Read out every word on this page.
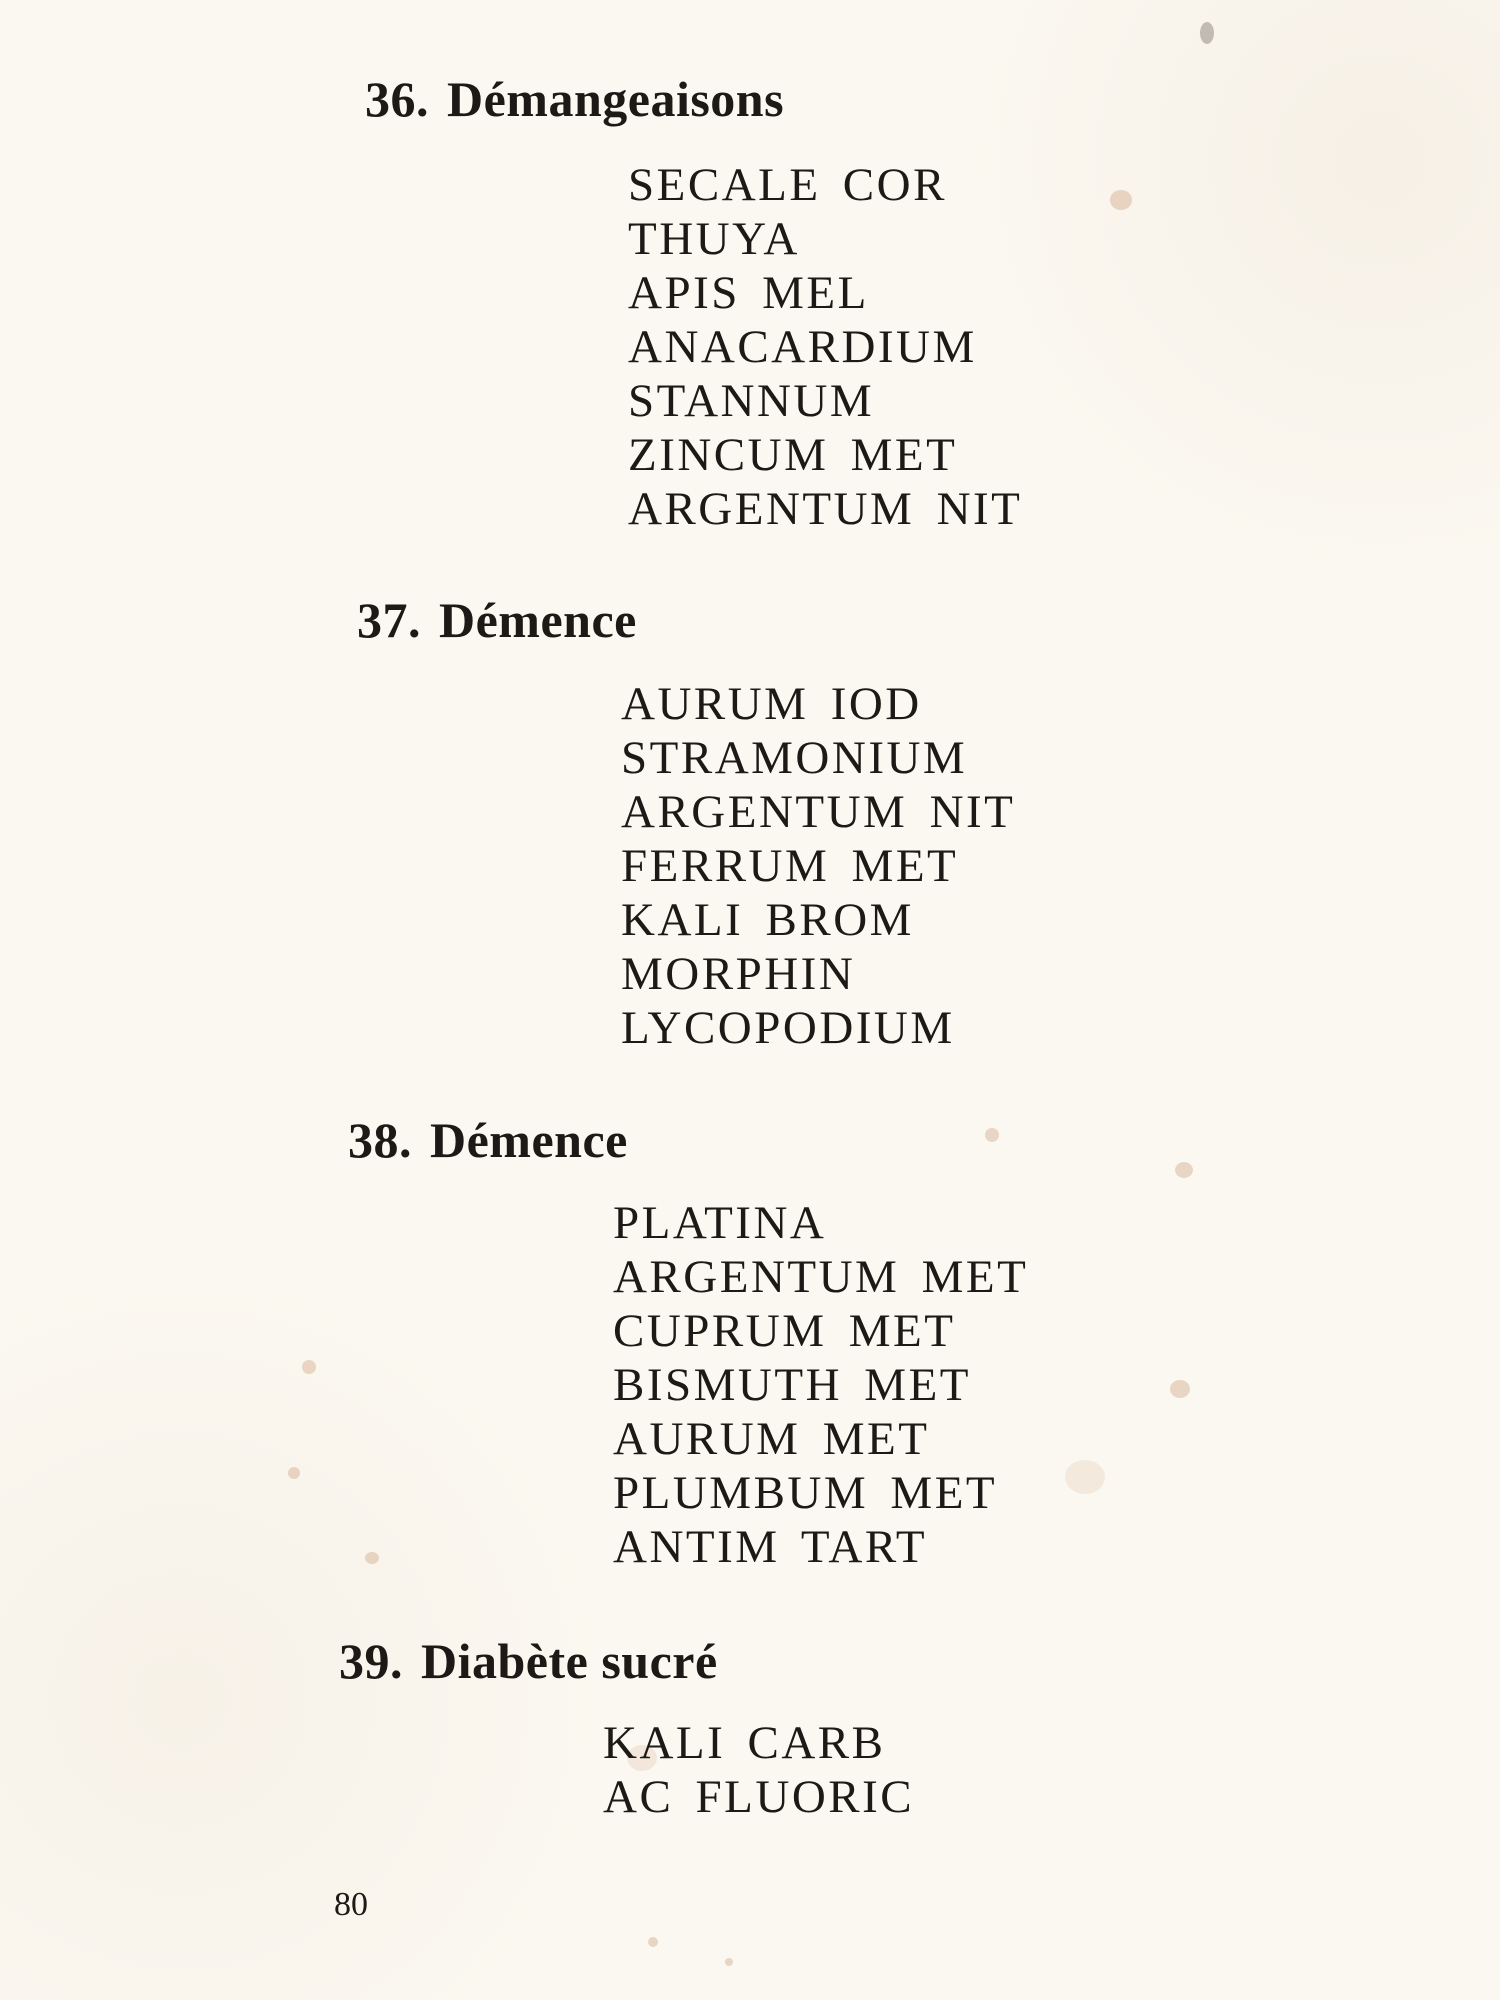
36. Démangeaisons
SECALE COR
THUYA
APIS MEL
ANACARDIUM
STANNUM
ZINCUM MET
ARGENTUM NIT
37. Démence
AURUM IOD
STRAMONIUM
ARGENTUM NIT
FERRUM MET
KALI BROM
MORPHIN
LYCOPODIUM
38. Démence
PLATINA
ARGENTUM MET
CUPRUM MET
BISMUTH MET
AURUM MET
PLUMBUM MET
ANTIM TART
39. Diabète sucré
KALI CARB
AC FLUORIC
80
